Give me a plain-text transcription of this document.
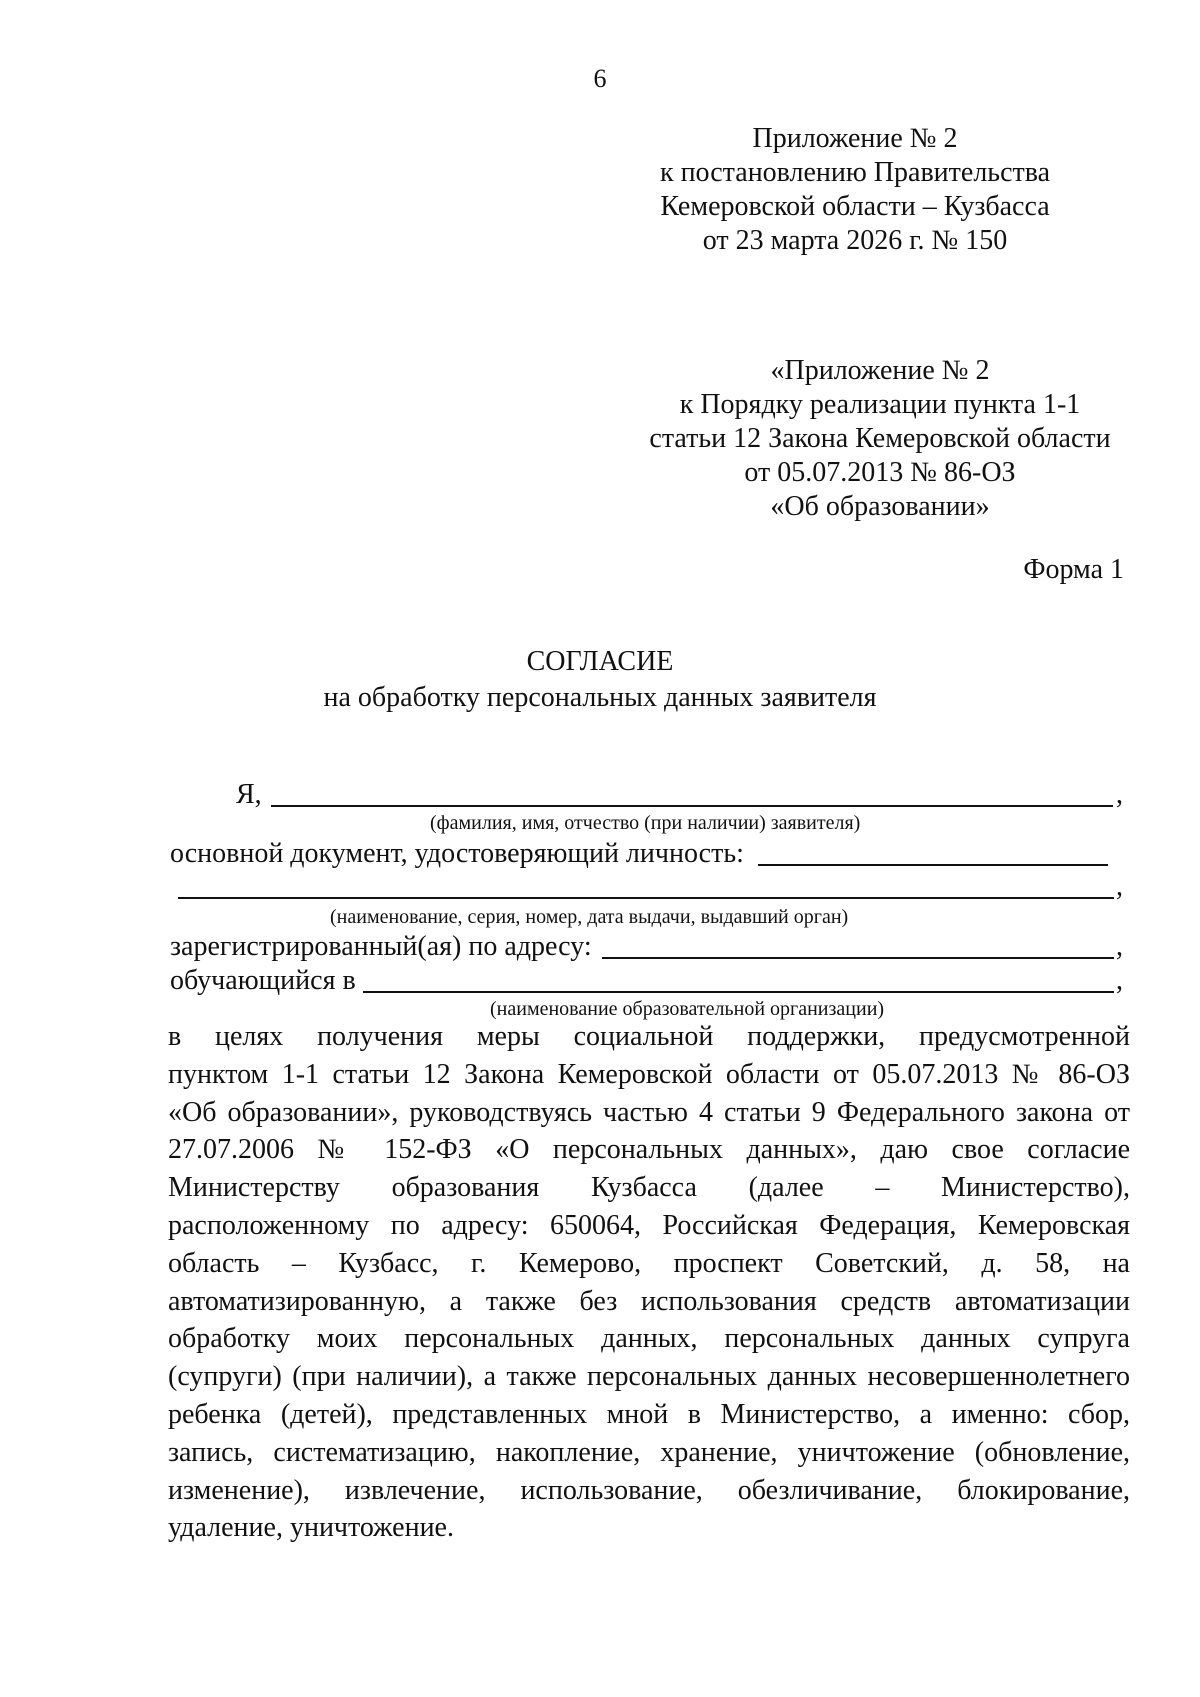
6
Приложение № 2
к постановлению Правительства
Кемеровской области – Кузбасса
от 23 марта 2026 г. № 150
«Приложение № 2
к Порядку реализации пункта 1-1
статьи 12 Закона Кемеровской области
от 05.07.2013 № 86-ОЗ
«Об образовании»
Форма 1
СОГЛАСИЕ
на обработку персональных данных заявителя
Я,	,
(фамилия, имя, отчество (при наличии) заявителя)
основной документ, удостоверяющий личность:
,
(наименование, серия, номер, дата выдачи, выдавший орган)
зарегистрированный(ая) по адресу:	,
обучающийся в	,
(наименование образовательной организации)
в целях получения меры социальной поддержки, предусмотренной
пунктом 1-1 статьи 12 Закона Кемеровской области от 05.07.2013 № 86-ОЗ
«Об образовании», руководствуясь частью 4 статьи 9 Федерального закона от
27.07.2006 № 152-ФЗ «О персональных данных», даю свое согласие
Министерству образования Кузбасса (далее – Министерство),
расположенному по адресу: 650064, Российская Федерация, Кемеровская
область – Кузбасс, г. Кемерово, проспект Советский, д. 58, на
автоматизированную, а также без использования средств автоматизации
обработку моих персональных данных, персональных данных супруга
(супруги) (при наличии), а также персональных данных несовершеннолетнего
ребенка (детей), представленных мной в Министерство, а именно: сбор,
запись, систематизацию, накопление, хранение, уничтожение (обновление,
изменение), извлечение, использование, обезличивание, блокирование,
удаление, уничтожение.
